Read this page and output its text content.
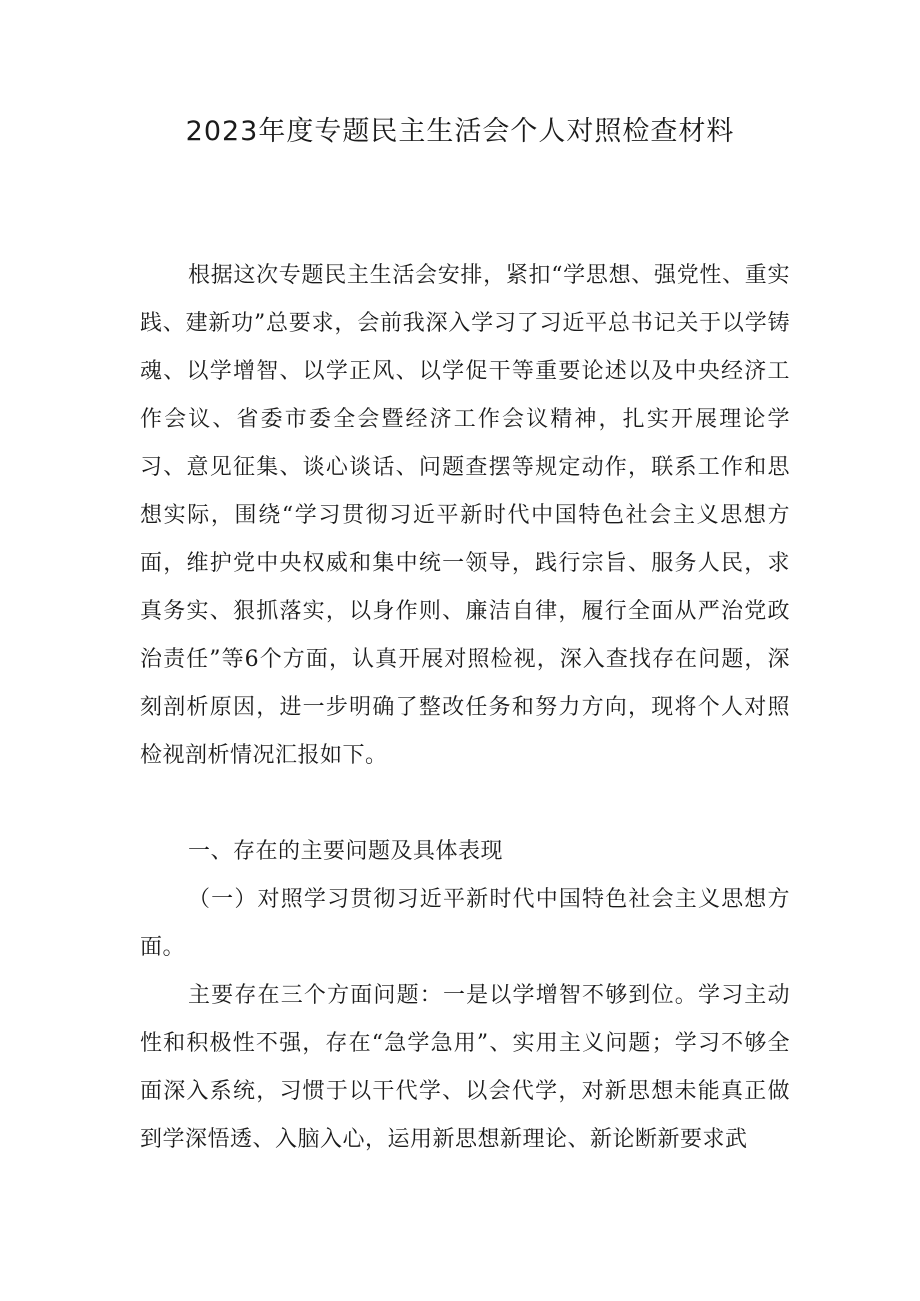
2023年度专题民主生活会个人对照检查材料
根据这次专题民主生活会安排，紧扣“学思想、强党性、重实践、建新功”总要求，会前我深入学习了习近平总书记关于以学铸魂、以学增智、以学正风、以学促干等重要论述以及中央经济工作会议、省委市委全会暨经济工作会议精神，扎实开展理论学习、意见征集、谈心谈话、问题查摆等规定动作，联系工作和思想实际，围绕“学习贯彻习近平新时代中国特色社会主义思想方面，维护党中央权威和集中统一领导，践行宗旨、服务人民，求真务实、狠抓落实，以身作则、廉洁自律，履行全面从严治党政治责任”等6个方面，认真开展对照检视，深入查找存在问题，深刻剖析原因，进一步明确了整改任务和努力方向，现将个人对照检视剖析情况汇报如下。
一、存在的主要问题及具体表现
（一）对照学习贯彻习近平新时代中国特色社会主义思想方面。
主要存在三个方面问题：一是以学增智不够到位。学习主动性和积极性不强，存在“急学急用”、实用主义问题；学习不够全面深入系统，习惯于以干代学、以会代学，对新思想未能真正做到学深悟透、入脑入心，运用新思想新理论、新论断新要求武
